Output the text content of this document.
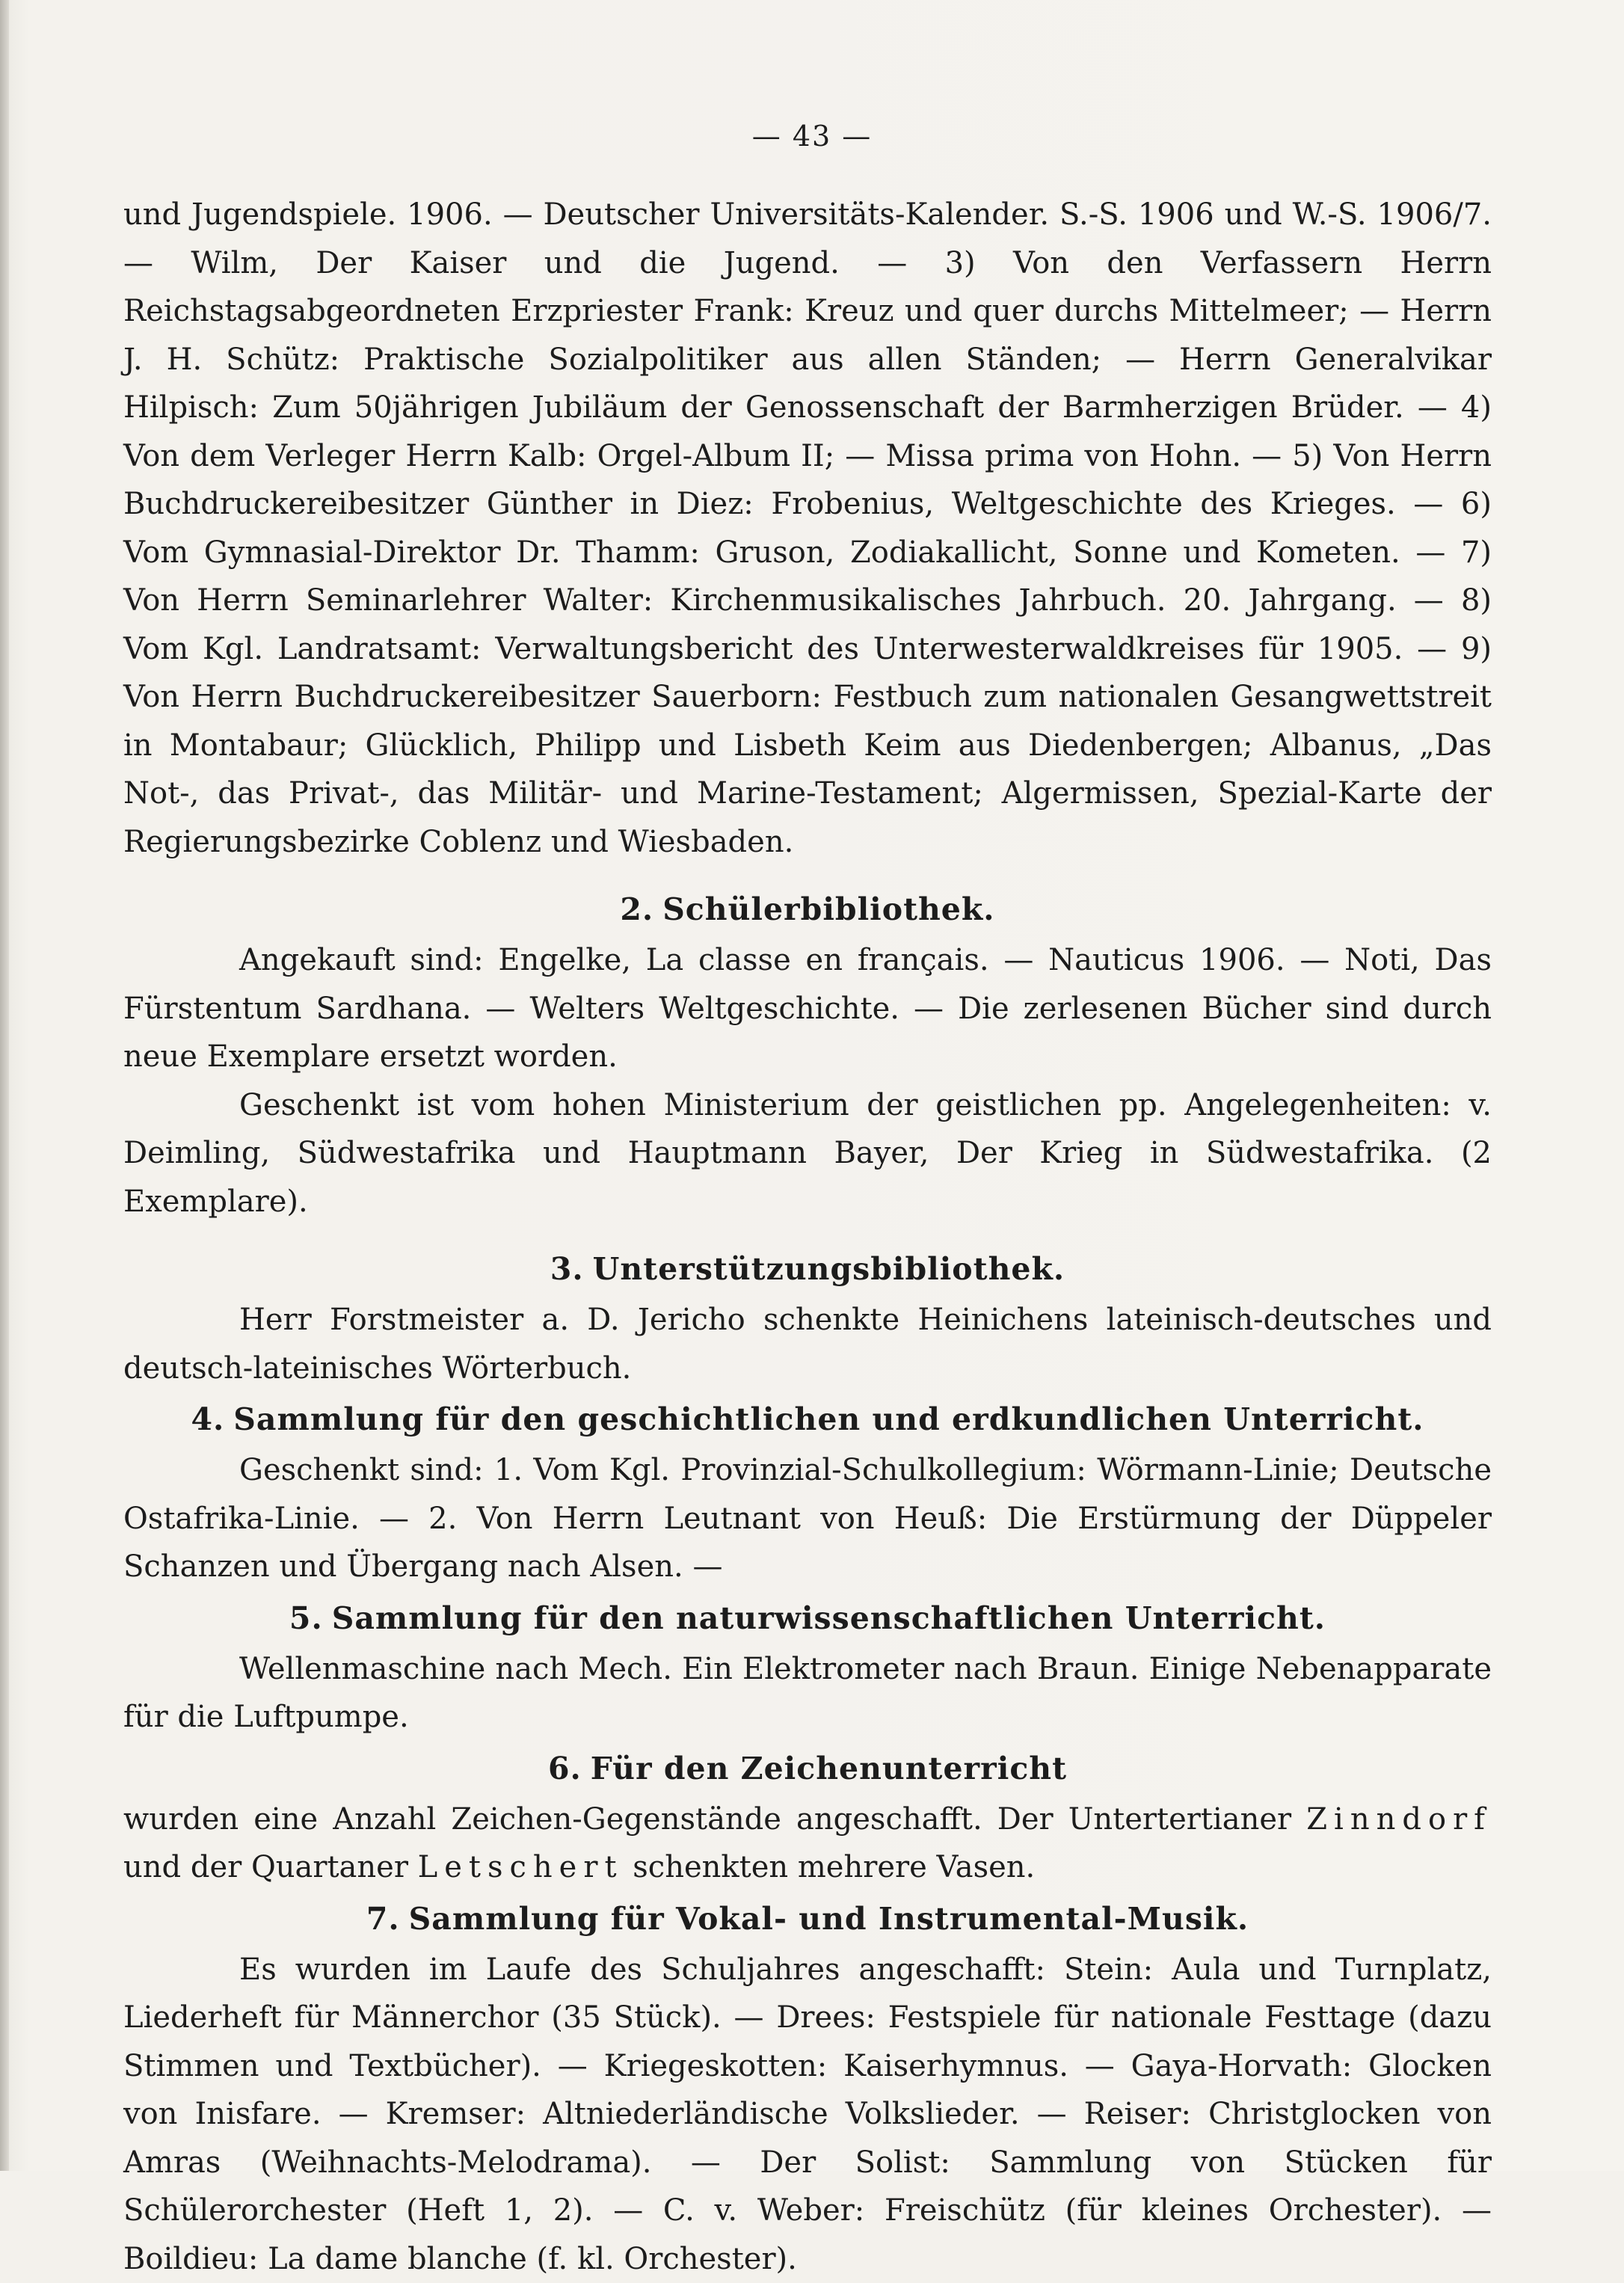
— 43 —

und Jugendspiele. 1906. — Deutscher Universitäts-Kalender. S.-S. 1906 und W.-S. 1906/7. — Wilm, Der Kaiser und die Jugend. — 3) Von den Verfassern Herrn Reichstagsabgeordneten Erzpriester Frank: Kreuz und quer durchs Mittelmeer; — Herrn J. H. Schütz: Praktische Sozialpolitiker aus allen Ständen; — Herrn Generalvikar Hilpisch: Zum 50jährigen Jubiläum der Genossenschaft der Barmherzigen Brüder. — 4) Von dem Verleger Herrn Kalb: Orgel-Album II; — Missa prima von Hohn. — 5) Von Herrn Buchdruckereibesitzer Günther in Diez: Frobenius, Weltgeschichte des Krieges. — 6) Vom Gymnasial-Direktor Dr. Thamm: Gruson, Zodiakallicht, Sonne und Kometen. — 7) Von Herrn Seminarlehrer Walter: Kirchenmusikalisches Jahrbuch. 20. Jahrgang. — 8) Vom Kgl. Landratsamt: Verwaltungsbericht des Unterwesterwaldkreises für 1905. — 9) Von Herrn Buchdruckereibesitzer Sauerborn: Festbuch zum nationalen Gesangwettstreit in Montabaur; Glücklich, Philipp und Lisbeth Keim aus Diedenbergen; Albanus, „Das Not-, das Privat-, das Militär- und Marine-Testament; Algermissen, Spezial-Karte der Regierungsbezirke Coblenz und Wiesbaden.

2. Schülerbibliothek.

Angekauft sind: Engelke, La classe en français. — Nauticus 1906. — Noti, Das Fürstentum Sardhana. — Welters Weltgeschichte. — Die zerlesenen Bücher sind durch neue Exemplare ersetzt worden.

Geschenkt ist vom hohen Ministerium der geistlichen pp. Angelegenheiten: v. Deimling, Südwestafrika und Hauptmann Bayer, Der Krieg in Südwestafrika. (2 Exemplare).

3. Unterstützungsbibliothek.

Herr Forstmeister a. D. Jericho schenkte Heinichens lateinisch-deutsches und deutsch-lateinisches Wörterbuch.

4. Sammlung für den geschichtlichen und erdkundlichen Unterricht.

Geschenkt sind: 1. Vom Kgl. Provinzial-Schulkollegium: Wörmann-Linie; Deutsche Ostafrika-Linie. — 2. Von Herrn Leutnant von Heuß: Die Erstürmung der Düppeler Schanzen und Übergang nach Alsen. —

5. Sammlung für den naturwissenschaftlichen Unterricht.

Wellenmaschine nach Mech. Ein Elektrometer nach Braun. Einige Nebenapparate für die Luftpumpe.

6. Für den Zeichenunterricht

wurden eine Anzahl Zeichen-Gegenstände angeschafft. Der Untertertianer Zinndorf und der Quartaner Letschert schenkten mehrere Vasen.

7. Sammlung für Vokal- und Instrumental-Musik.

Es wurden im Laufe des Schuljahres angeschafft: Stein: Aula und Turnplatz, Liederheft für Männerchor (35 Stück). — Drees: Festspiele für nationale Festtage (dazu Stimmen und Textbücher). — Kriegeskotten: Kaiserhymnus. — Gaya-Horvath: Glocken von Inisfare. — Kremser: Altniederländische Volkslieder. — Reiser: Christglocken von Amras (Weihnachts-Melodrama). — Der Solist: Sammlung von Stücken für Schülerorchester (Heft 1, 2). — C. v. Weber: Freischütz (für kleines Orchester). — Boildieu: La dame blanche (f. kl. Orchester).
